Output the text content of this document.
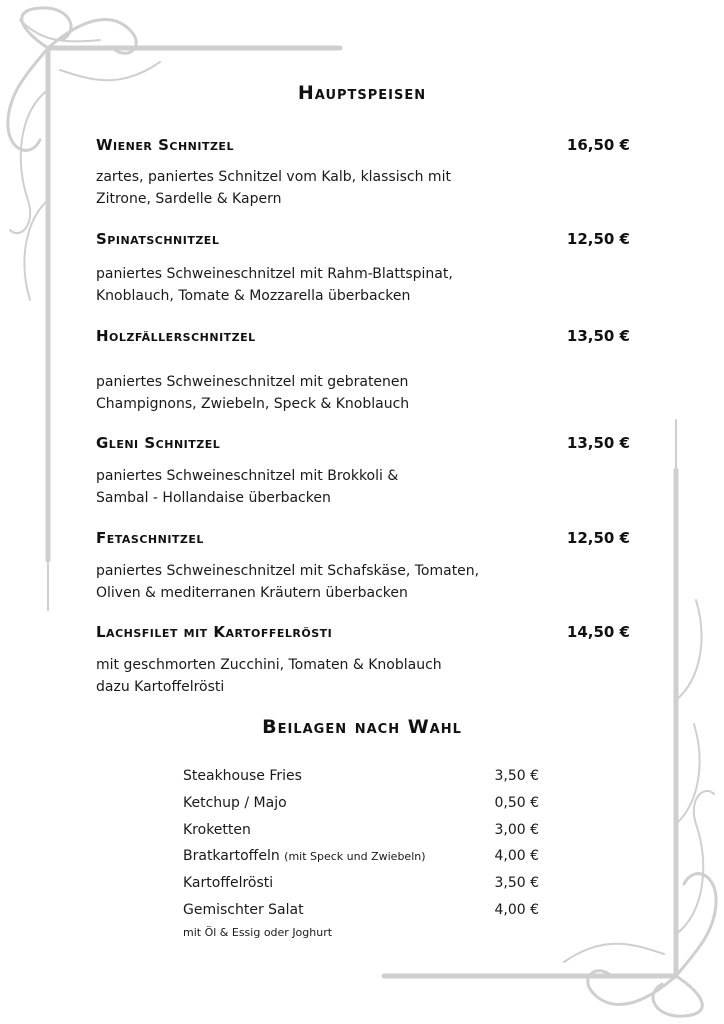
Hauptspeisen
Wiener Schnitzel	16,50 €
zartes, paniertes Schnitzel vom Kalb, klassisch mit
Zitrone, Sardelle & Kapern
Spinatschnitzel	12,50 €
paniertes Schweineschnitzel mit Rahm-Blattspinat,
Knoblauch, Tomate & Mozzarella überbacken
Holzfällerschnitzel	13,50 €
paniertes Schweineschnitzel mit gebratenen
Champignons, Zwiebeln, Speck & Knoblauch
Gleni Schnitzel	13,50 €
paniertes Schweineschnitzel mit Brokkoli &
Sambal - Hollandaise überbacken
Fetaschnitzel	12,50 €
paniertes Schweineschnitzel mit Schafskäse, Tomaten,
Oliven & mediterranen Kräutern überbacken
Lachsfilet mit Kartoffelrösti	14,50 €
mit geschmorten Zucchini, Tomaten & Knoblauch
dazu Kartoffelrösti
Beilagen nach Wahl
Steakhouse Fries	3,50 €
Ketchup / Majo	0,50 €
Kroketten	3,00 €
Bratkartoffeln (mit Speck und Zwiebeln)	4,00 €
Kartoffelrösti	3,50 €
Gemischter Salat	4,00 €
mit Öl & Essig oder Joghurt
